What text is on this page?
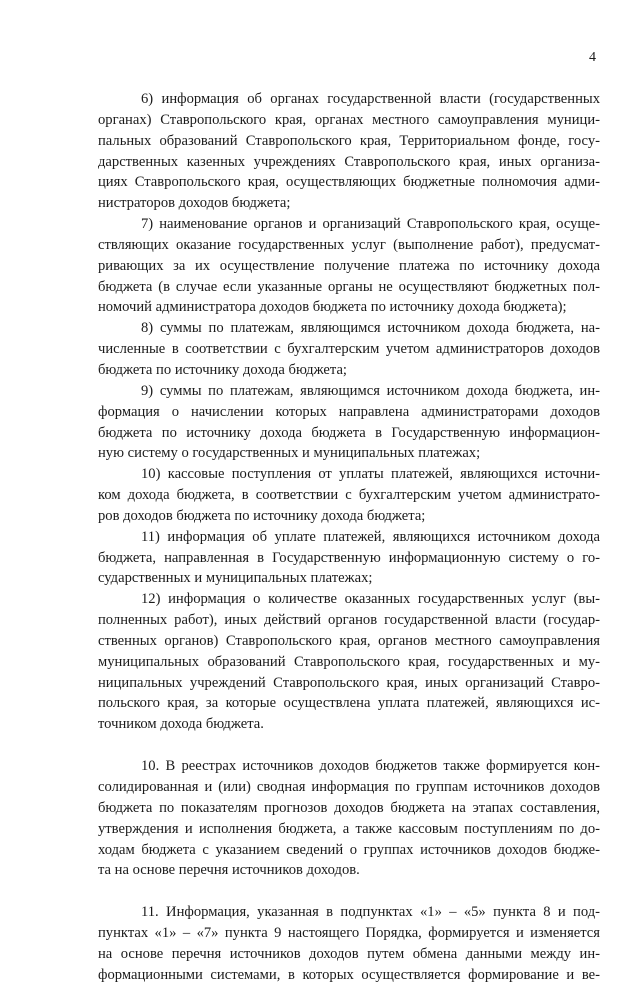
4
6) информация об органах государственной власти (государственных
органах) Ставропольского края, органах местного самоуправления муници-
пальных образований Ставропольского края, Территориальном фонде, госу-
дарственных казенных учреждениях Ставропольского края, иных организа-
циях Ставропольского края, осуществляющих бюджетные полномочия адми-
нистраторов доходов бюджета;
7) наименование органов и организаций Ставропольского края, осуще-
ствляющих оказание государственных услуг (выполнение работ), предусмат-
ривающих за их осуществление получение платежа по источнику дохода
бюджета (в случае если указанные органы не осуществляют бюджетных пол-
номочий администратора доходов бюджета по источнику дохода бюджета);
8) суммы по платежам, являющимся источником дохода бюджета, на-
численные в соответствии с бухгалтерским учетом администраторов доходов
бюджета по источнику дохода бюджета;
9) суммы по платежам, являющимся источником дохода бюджета, ин-
формация о начислении которых направлена администраторами доходов
бюджета по источнику дохода бюджета в Государственную информацион-
ную систему о государственных и муниципальных платежах;
10) кассовые поступления от уплаты платежей, являющихся источни-
ком дохода бюджета, в соответствии с бухгалтерским учетом администрато-
ров доходов бюджета по источнику дохода бюджета;
11) информация об уплате платежей, являющихся источником дохода
бюджета, направленная в Государственную информационную систему о го-
сударственных и муниципальных платежах;
12) информация о количестве оказанных государственных услуг (вы-
полненных работ), иных действий органов государственной власти (государ-
ственных органов) Ставропольского края, органов местного самоуправления
муниципальных образований Ставропольского края, государственных и му-
ниципальных учреждений Ставропольского края, иных организаций Ставро-
польского края, за которые осуществлена уплата платежей, являющихся ис-
точником дохода бюджета.
10. В реестрах источников доходов бюджетов также формируется кон-
солидированная и (или) сводная информация по группам источников доходов
бюджета по показателям прогнозов доходов бюджета на этапах составления,
утверждения и исполнения бюджета, а также кассовым поступлениям по до-
ходам бюджета с указанием сведений о группах источников доходов бюдже-
та на основе перечня источников доходов.
11. Информация, указанная в подпунктах «1» – «5» пункта 8 и под-
пунктах «1» – «7» пункта 9 настоящего Порядка, формируется и изменяется
на основе перечня источников доходов путем обмена данными между ин-
формационными системами, в которых осуществляется формирование и ве-
